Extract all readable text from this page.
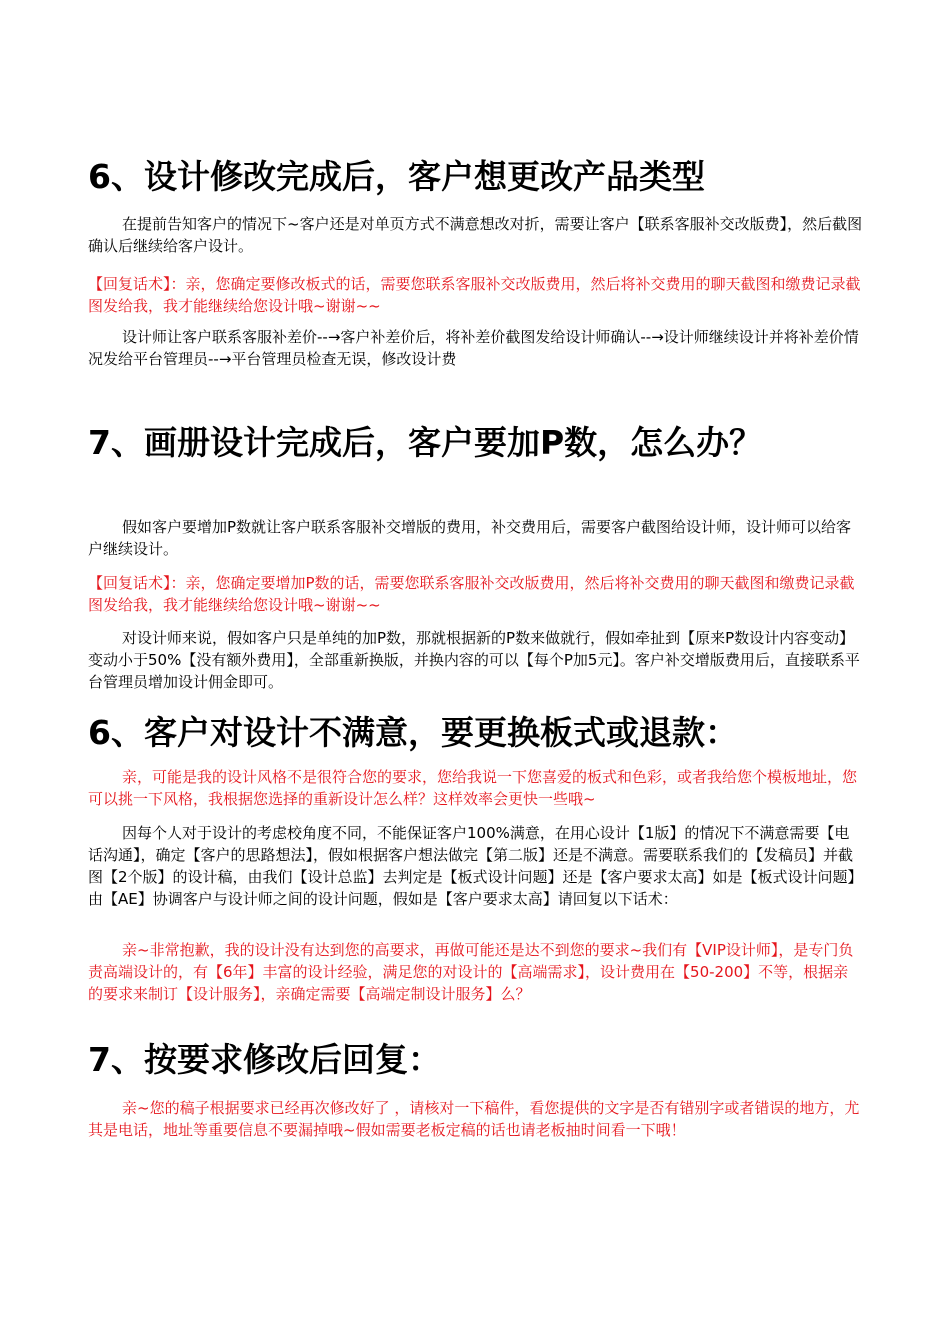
6、设计修改完成后，客户想更改产品类型

在提前告知客户的情况下~客户还是对单页方式不满意想改对折，需要让客户【联系客服补交改版费】，然后截图确认后继续给客户设计。

【回复话术】：亲，您确定要修改板式的话，需要您联系客服补交改版费用，然后将补交费用的聊天截图和缴费记录截图发给我，我才能继续给您设计哦~谢谢~~

设计师让客户联系客服补差价--→客户补差价后，将补差价截图发给设计师确认--→设计师继续设计并将补差价情况发给平台管理员--→平台管理员检查无误，修改设计费

7、画册设计完成后，客户要加P数，怎么办？

假如客户要增加P数就让客户联系客服补交增版的费用，补交费用后，需要客户截图给设计师，设计师可以给客户继续设计。

【回复话术】：亲，您确定要增加P数的话，需要您联系客服补交改版费用，然后将补交费用的聊天截图和缴费记录截图发给我，我才能继续给您设计哦~谢谢~~

对设计师来说，假如客户只是单纯的加P数，那就根据新的P数来做就行，假如牵扯到【原来P数设计内容变动】变动小于50%【没有额外费用】，全部重新换版，并换内容的可以【每个P加5元】。客户补交增版费用后，直接联系平台管理员增加设计佣金即可。

6、客户对设计不满意，要更换板式或退款：

亲，可能是我的设计风格不是很符合您的要求，您给我说一下您喜爱的板式和色彩，或者我给您个模板地址，您可以挑一下风格，我根据您选择的重新设计怎么样？这样效率会更快一些哦~

因每个人对于设计的考虑校角度不同，不能保证客户100%满意，在用心设计【1版】的情况下不满意需要【电话沟通】，确定【客户的思路想法】，假如根据客户想法做完【第二版】还是不满意。需要联系我们的【发稿员】并截图【2个版】的设计稿，由我们【设计总监】去判定是【板式设计问题】还是【客户要求太高】如是【板式设计问题】由【AE】协调客户与设计师之间的设计问题，假如是【客户要求太高】请回复以下话术：

亲~非常抱歉，我的设计没有达到您的高要求，再做可能还是达不到您的要求~我们有【VIP设计师】，是专门负责高端设计的，有【6年】丰富的设计经验，满足您的对设计的【高端需求】，设计费用在【50-200】不等，根据亲的要求来制订【设计服务】，亲确定需要【高端定制设计服务】么？

7、按要求修改后回复：

亲~您的稿子根据要求已经再次修改好了 ，请核对一下稿件，看您提供的文字是否有错别字或者错误的地方，尤其是电话，地址等重要信息不要漏掉哦~假如需要老板定稿的话也请老板抽时间看一下哦！
